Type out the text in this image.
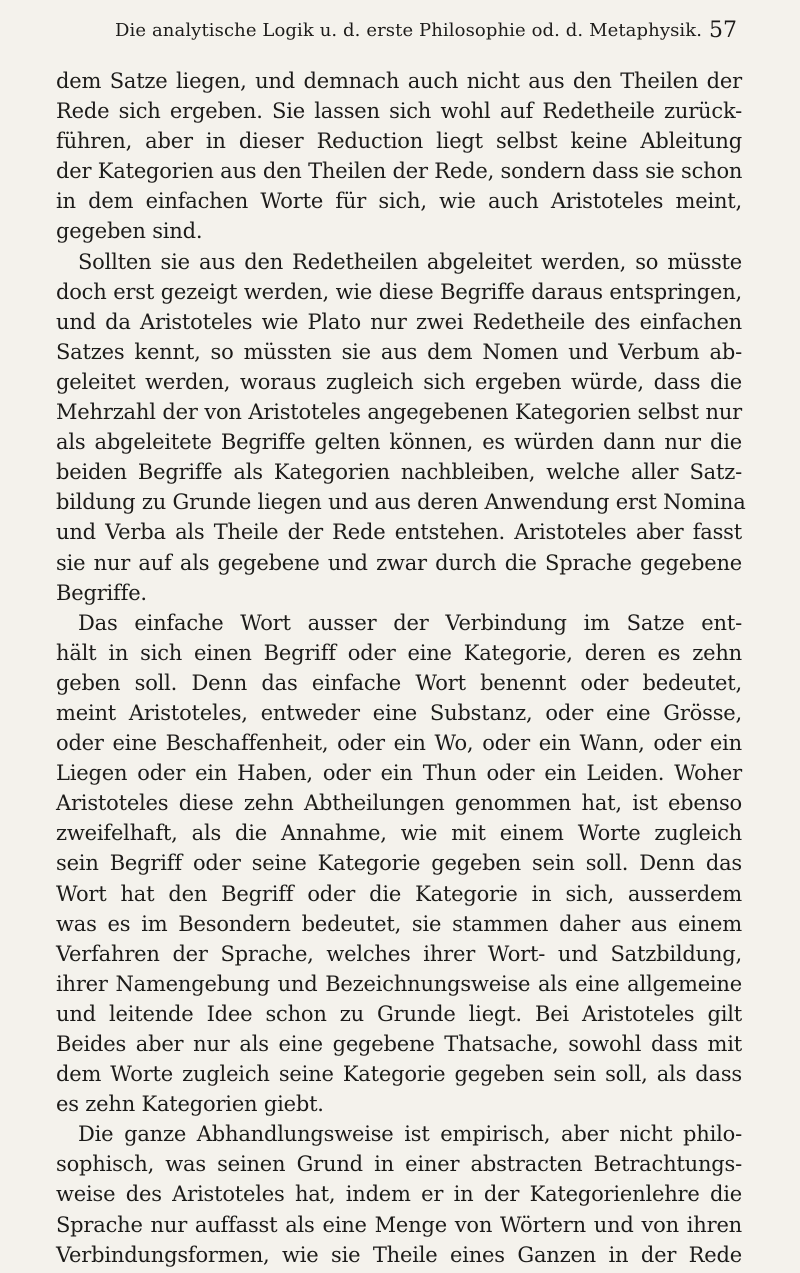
Die analytische Logik u. d. erste Philosophie od. d. Metaphysik. 57
dem Satze liegen, und demnach auch nicht aus den Theilen der
Rede sich ergeben. Sie lassen sich wohl auf Redetheile zurück-
führen, aber in dieser Reduction liegt selbst keine Ableitung
der Kategorien aus den Theilen der Rede, sondern dass sie schon
in dem einfachen Worte für sich, wie auch Aristoteles meint,
gegeben sind.
Sollten sie aus den Redetheilen abgeleitet werden, so müsste
doch erst gezeigt werden, wie diese Begriffe daraus entspringen,
und da Aristoteles wie Plato nur zwei Redetheile des einfachen
Satzes kennt, so müssten sie aus dem Nomen und Verbum ab-
geleitet werden, woraus zugleich sich ergeben würde, dass die
Mehrzahl der von Aristoteles angegebenen Kategorien selbst nur
als abgeleitete Begriffe gelten können, es würden dann nur die
beiden Begriffe als Kategorien nachbleiben, welche aller Satz-
bildung zu Grunde liegen und aus deren Anwendung erst Nomina
und Verba als Theile der Rede entstehen. Aristoteles aber fasst
sie nur auf als gegebene und zwar durch die Sprache gegebene
Begriffe.
Das einfache Wort ausser der Verbindung im Satze ent-
hält in sich einen Begriff oder eine Kategorie, deren es zehn
geben soll. Denn das einfache Wort benennt oder bedeutet,
meint Aristoteles, entweder eine Substanz, oder eine Grösse,
oder eine Beschaffenheit, oder ein Wo, oder ein Wann, oder ein
Liegen oder ein Haben, oder ein Thun oder ein Leiden. Woher
Aristoteles diese zehn Abtheilungen genommen hat, ist ebenso
zweifelhaft, als die Annahme, wie mit einem Worte zugleich
sein Begriff oder seine Kategorie gegeben sein soll. Denn das
Wort hat den Begriff oder die Kategorie in sich, ausserdem
was es im Besondern bedeutet, sie stammen daher aus einem
Verfahren der Sprache, welches ihrer Wort- und Satzbildung,
ihrer Namengebung und Bezeichnungsweise als eine allgemeine
und leitende Idee schon zu Grunde liegt. Bei Aristoteles gilt
Beides aber nur als eine gegebene Thatsache, sowohl dass mit
dem Worte zugleich seine Kategorie gegeben sein soll, als dass
es zehn Kategorien giebt.
Die ganze Abhandlungsweise ist empirisch, aber nicht philo-
sophisch, was seinen Grund in einer abstracten Betrachtungs-
weise des Aristoteles hat, indem er in der Kategorienlehre die
Sprache nur auffasst als eine Menge von Wörtern und von ihren
Verbindungsformen, wie sie Theile eines Ganzen in der Rede
